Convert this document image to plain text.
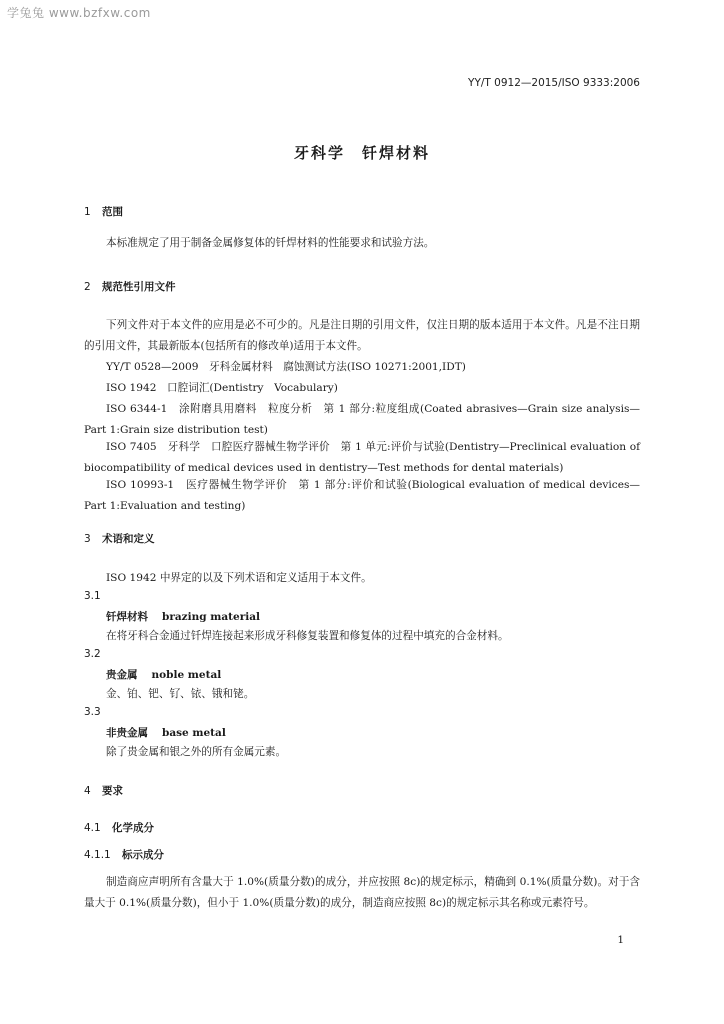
学兔兔 www.bzfxw.com
YY/T 0912—2015/ISO 9333:2006
牙科学　钎焊材料
1 范围
本标准规定了用于制备金属修复体的钎焊材料的性能要求和试验方法。
2 规范性引用文件
下列文件对于本文件的应用是必不可少的。凡是注日期的引用文件，仅注日期的版本适用于本文件。凡是不注日期的引用文件，其最新版本(包括所有的修改单)适用于本文件。
YY/T 0528—2009　牙科金属材料　腐蚀测试方法(ISO 10271:2001,IDT)
ISO 1942　口腔词汇(Dentistry　Vocabulary)
ISO 6344-1　涂附磨具用磨料　粒度分析　第 1 部分:粒度组成(Coated abrasives—Grain size analysis—Part 1:Grain size distribution test)
ISO 7405　牙科学　口腔医疗器械生物学评价　第 1 单元:评价与试验(Dentistry—Preclinical evaluation of biocompatibility of medical devices used in dentistry—Test methods for dental materials)
ISO 10993-1　医疗器械生物学评价　第 1 部分:评价和试验(Biological evaluation of medical devices—Part 1:Evaluation and testing)
3 术语和定义
ISO 1942 中界定的以及下列术语和定义适用于本文件。
3.1
钎焊材料 brazing material
在将牙科合金通过钎焊连接起来形成牙科修复装置和修复体的过程中填充的合金材料。
3.2
贵金属 noble metal
金、铂、钯、钌、铱、锇和铑。
3.3
非贵金属 base metal
除了贵金属和银之外的所有金属元素。
4 要求
4.1 化学成分
4.1.1 标示成分
制造商应声明所有含量大于 1.0%(质量分数)的成分，并应按照 8c)的规定标示，精确到 0.1%(质量分数)。对于含量大于 0.1%(质量分数)，但小于 1.0%(质量分数)的成分，制造商应按照 8c)的规定标示其名称或元素符号。
1
